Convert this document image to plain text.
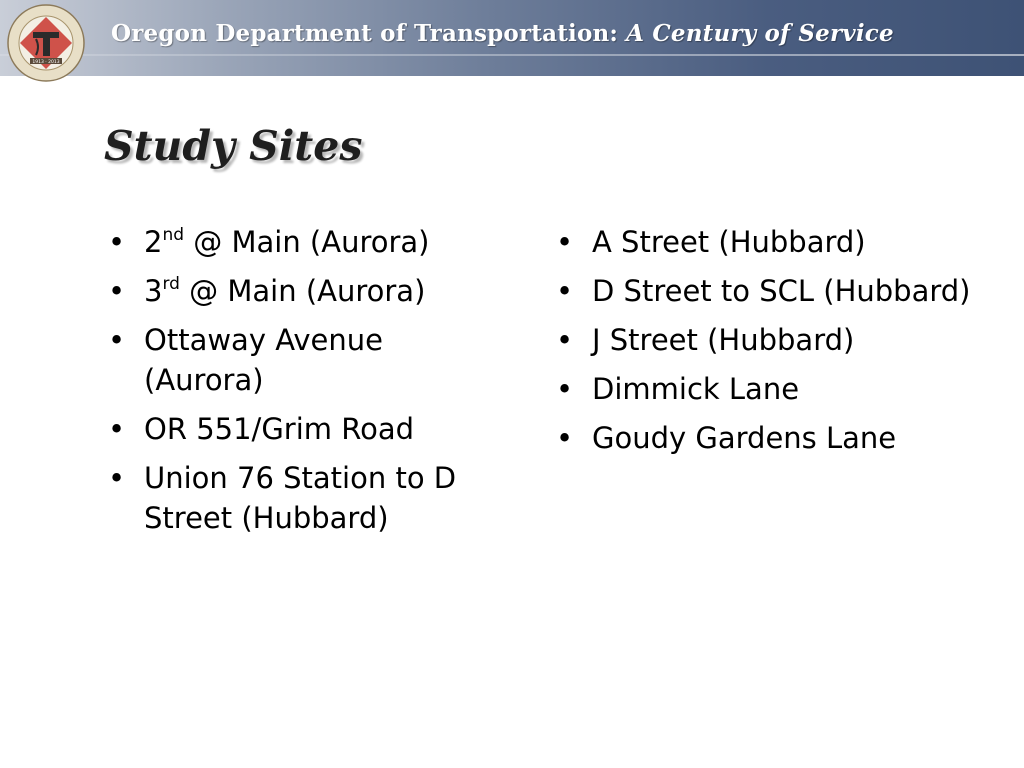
1913 · 2013
Oregon Department of Transportation: A Century of Service
Study Sites
• 2nd @ Main (Aurora)
• 3rd @ Main (Aurora)
• Ottaway Avenue (Aurora)
• OR 551/Grim Road
• Union 76 Station to D Street (Hubbard)
• A Street (Hubbard)
• D Street to SCL (Hubbard)
• J Street (Hubbard)
• Dimmick Lane
• Goudy Gardens Lane
